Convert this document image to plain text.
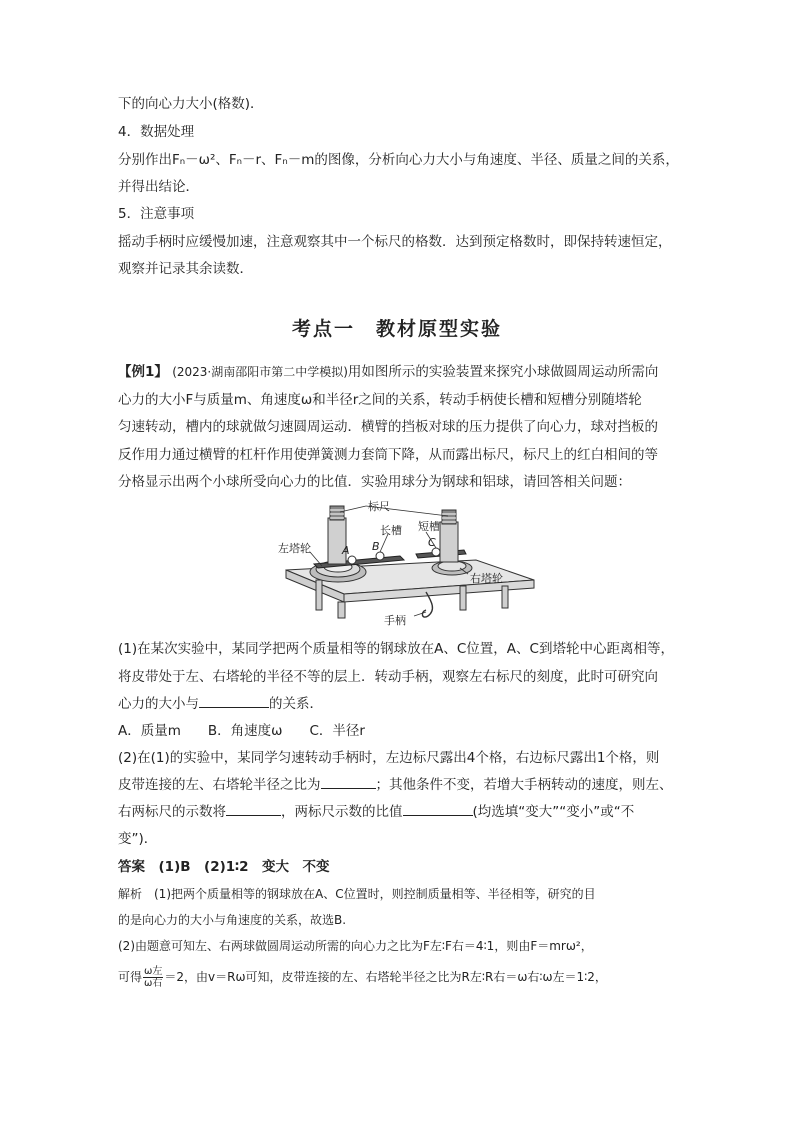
下的向心力大小(格数)．
4．数据处理
分别作出Fₙ－ω²、Fₙ－r、Fₙ－m的图像，分析向心力大小与角速度、半径、质量之间的关系，
并得出结论．
5．注意事项
摇动手柄时应缓慢加速，注意观察其中一个标尺的格数．达到预定格数时，即保持转速恒定，
观察并记录其余读数．
考点一　教材原型实验
【例1】 (2023·湖南邵阳市第二中学模拟)用如图所示的实验装置来探究小球做圆周运动所需向
心力的大小F与质量m、角速度ω和半径r之间的关系，转动手柄使长槽和短槽分别随塔轮
匀速转动，槽内的球就做匀速圆周运动．横臂的挡板对球的压力提供了向心力，球对挡板的
反作用力通过横臂的杠杆作用使弹簧测力套筒下降，从而露出标尺，标尺上的红白相间的等
分格显示出两个小球所受向心力的比值．实验用球分为钢球和铝球，请回答相关问题：
标尺
长槽 短槽
左塔轮
右塔轮
手柄
A B	C
(1)在某次实验中，某同学把两个质量相等的钢球放在A、C位置，A、C到塔轮中心距离相等，
将皮带处于左、右塔轮的半径不等的层上．转动手柄，观察左右标尺的刻度，此时可研究向
心力的大小与	的关系．
A．质量m　　B．角速度ω　　C．半径r
(2)在(1)的实验中，某同学匀速转动手柄时，左边标尺露出4个格，右边标尺露出1个格，则
皮带连接的左、右塔轮半径之比为	；其他条件不变，若增大手柄转动的速度，则左、
右两标尺的示数将	，两标尺示数的比值	(均选填“变大”“变小”或“不
变”)．
答案　(1)B　(2)1∶2　变大　不变
解析　(1)把两个质量相等的钢球放在A、C位置时，则控制质量相等、半径相等，研究的目
的是向心力的大小与角速度的关系，故选B.
(2)由题意可知左、右两球做圆周运动所需的向心力之比为F左∶F右＝4∶1，则由F＝mrω²，
可得 $\frac{\text{ω左}}{\text{ω右}} =2$，由v＝Rω可知，皮带连接的左、右塔轮半径之比为R左∶R右＝ω右∶ω左＝1∶2，
